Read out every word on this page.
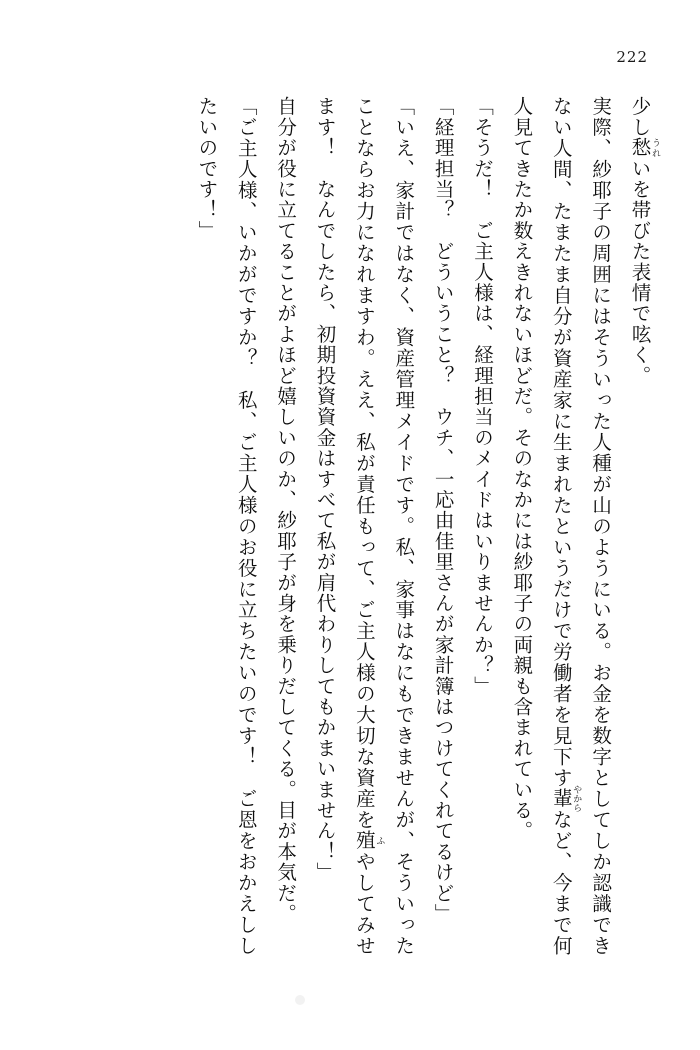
222

少し愁うれいを帯びた表情で呟く。

実際、紗耶子の周囲にはそういった人種が山のようにいる。お金を数字としてしか認識できない人間、たまたま自分が資産家に生まれたというだけで労働者を見下す輩やからなど、今まで何人見てきたか数えきれないほどだ。そのなかには紗耶子の両親も含まれている。

「そうだ！　ご主人様は、経理担当のメイドはいりませんか？」

「経理担当？　どういうこと？　ウチ、一応由佳里さんが家計簿はつけてくれてるけど」

「いえ、家計ではなく、資産管理メイドです。私、家事はなにもできませんが、そういったことならお力になれますわ。ええ、私が責任もって、ご主人様の大切な資産を殖ふやしてみせます！　なんでしたら、初期投資資金はすべて私が肩代わりしてもかまいません！」

自分が役に立てることがよほど嬉しいのか、紗耶子が身を乗りだしてくる。目が本気だ。

「ご主人様、いかがですか？　私、ご主人様のお役に立ちたいのです！　ご恩をおかえししたいのです！」
